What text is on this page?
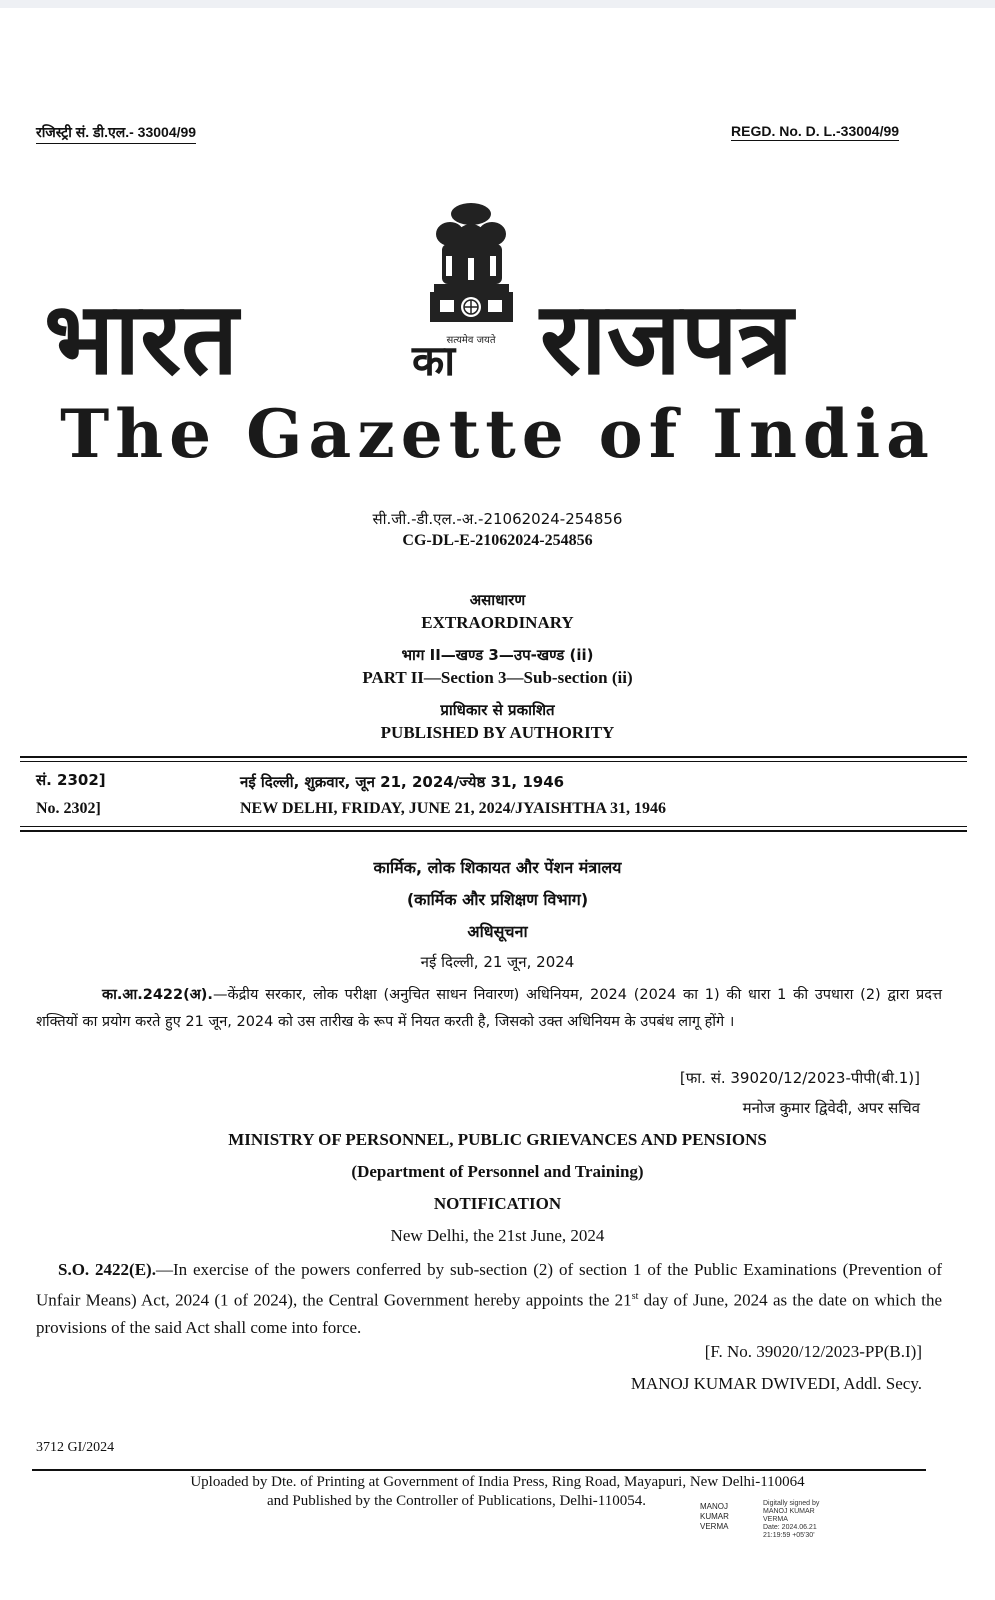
रजिस्ट्री सं. डी.एल.- 33004/99	REGD. No. D. L.-33004/99
सत्यमेव जयते
भारत	का राजपत्र
The Gazette of India
सी.जी.-डी.एल.-अ.-21062024-254856
CG-DL-E-21062024-254856
असाधारण
EXTRAORDINARY
भाग II—खण्ड 3—उप-खण्ड (ii)
PART II—Section 3—Sub-section (ii)
प्राधिकार से प्रकाशित
PUBLISHED BY AUTHORITY
सं. 2302]	नई दिल्ली, शुक्रवार, जून 21, 2024/ज्येष्ठ 31, 1946
No. 2302]	NEW DELHI, FRIDAY, JUNE 21, 2024/JYAISHTHA 31, 1946
कार्मिक, लोक शिकायत और पेंशन मंत्रालय
(कार्मिक और प्रशिक्षण विभाग)
अधिसूचना
नई दिल्ली, 21 जून, 2024
का.आ.2422(अ).—केंद्रीय सरकार, लोक परीक्षा (अनुचित साधन निवारण) अधिनियम, 2024 (2024 का 1) की धारा 1 की उपधारा (2) द्वारा प्रदत्त शक्तियों का प्रयोग करते हुए 21 जून, 2024 को उस तारीख के रूप में नियत करती है, जिसको उक्त अधिनियम के उपबंध लागू होंगे ।
[फा. सं. 39020/12/2023-पीपी(बी.1)]
मनोज कुमार द्विवेदी, अपर सचिव
MINISTRY OF PERSONNEL, PUBLIC GRIEVANCES AND PENSIONS
(Department of Personnel and Training)
NOTIFICATION
New Delhi, the 21st June, 2024
S.O. 2422(E).—In exercise of the powers conferred by sub-section (2) of section 1 of the Public Examinations (Prevention of Unfair Means) Act, 2024 (1 of 2024), the Central Government hereby appoints the 21st day of June, 2024 as the date on which the provisions of the said Act shall come into force.
[F. No. 39020/12/2023-PP(B.I)]
MANOJ KUMAR DWIVEDI, Addl. Secy.
3712 GI/2024
Uploaded by Dte. of Printing at Government of India Press, Ring Road, Mayapuri, New Delhi-110064
and Published by the Controller of Publications, Delhi-110054.	MANOJ KUMAR VERMA
Digitally signed by
MANOJ KUMAR VERMA
Date: 2024.06.21
21:19:59 +05'30'
